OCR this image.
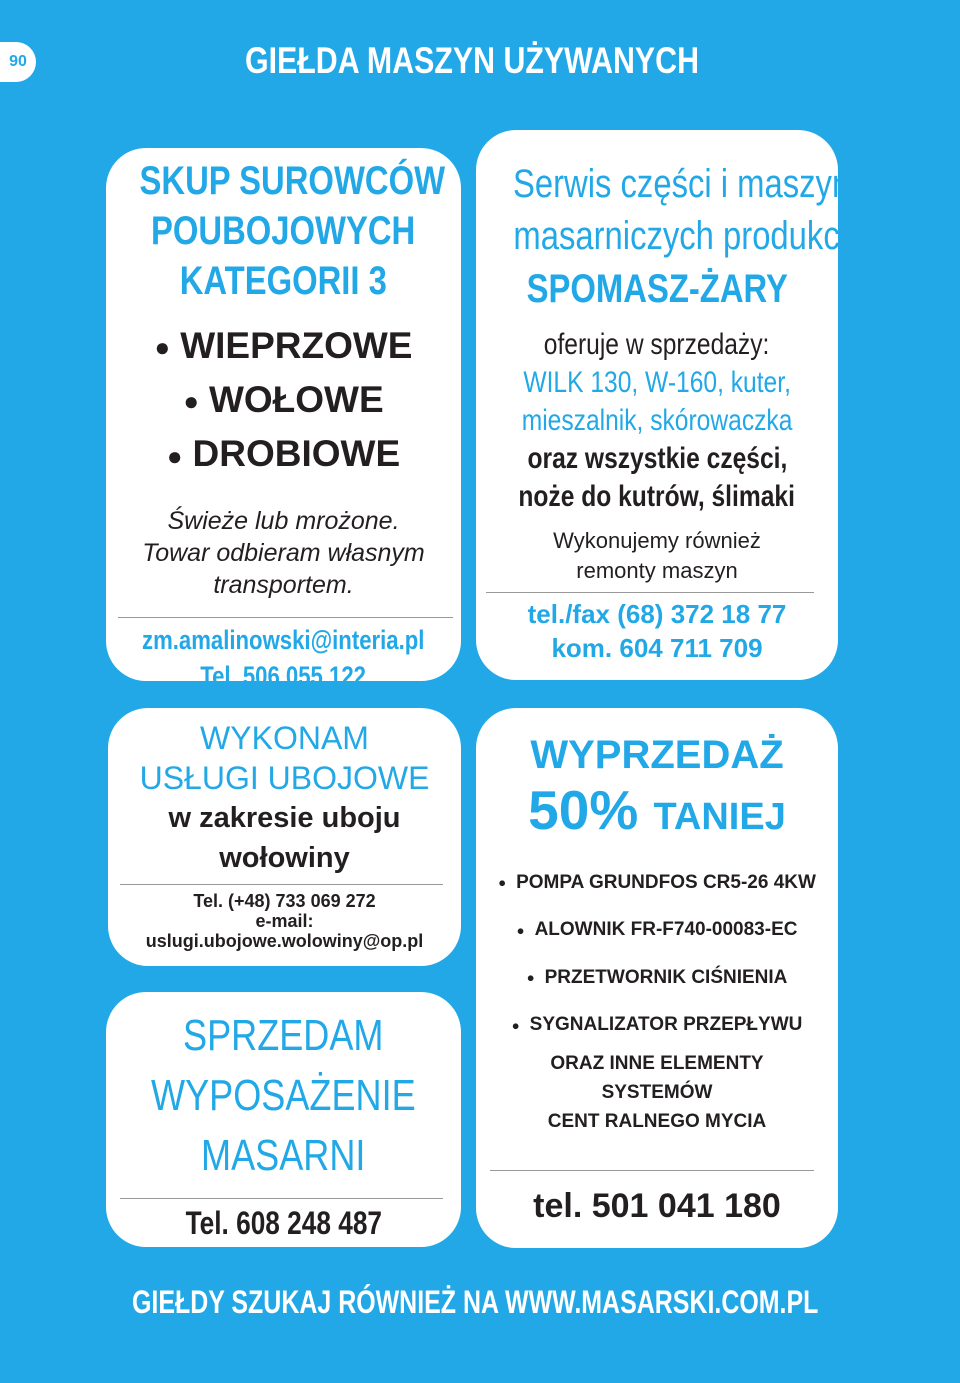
90	GIEŁDA MASZYN UŻYWANYCH
SKUP SUROWCÓW
POUBOJOWYCH
KATEGORII 3
● WIEPRZOWE
● WOŁOWE
● DROBIOWE
Świeże lub mrożone.
Towar odbieram własnym
transportem.
zm.amalinowski@interia.pl
Tel. 506 055 122
Serwis części i maszyn
masarniczych produkcji
SPOMASZ-ŻARY
oferuje w sprzedaży:
WILK 130, W-160, kuter,
mieszalnik, skórowaczka
oraz wszystkie części,
noże do kutrów, ślimaki
Wykonujemy również
remonty maszyn
tel./fax (68) 372 18 77
kom. 604 711 709
WYKONAM
USŁUGI UBOJOWE
w zakresie uboju
wołowiny
Tel. (+48) 733 069 272
e-mail:
uslugi.ubojowe.wolowiny@op.pl
SPRZEDAM
WYPOSAŻENIE
MASARNI
Tel. 608 248 487
WYPRZEDAŻ
50% TANIEJ
● POMPA GRUNDFOS CR5-26 4KW
● ALOWNIK FR-F740-00083-EC
● PRZETWORNIK CIŚNIENIA
● SYGNALIZATOR PRZEPŁYWU
ORAZ INNE ELEMENTY
SYSTEMÓW
CENT RALNEGO MYCIA
tel. 501 041 180
GIEŁDY SZUKAJ RÓWNIEŻ NA WWW.MASARSKI.COM.PL
